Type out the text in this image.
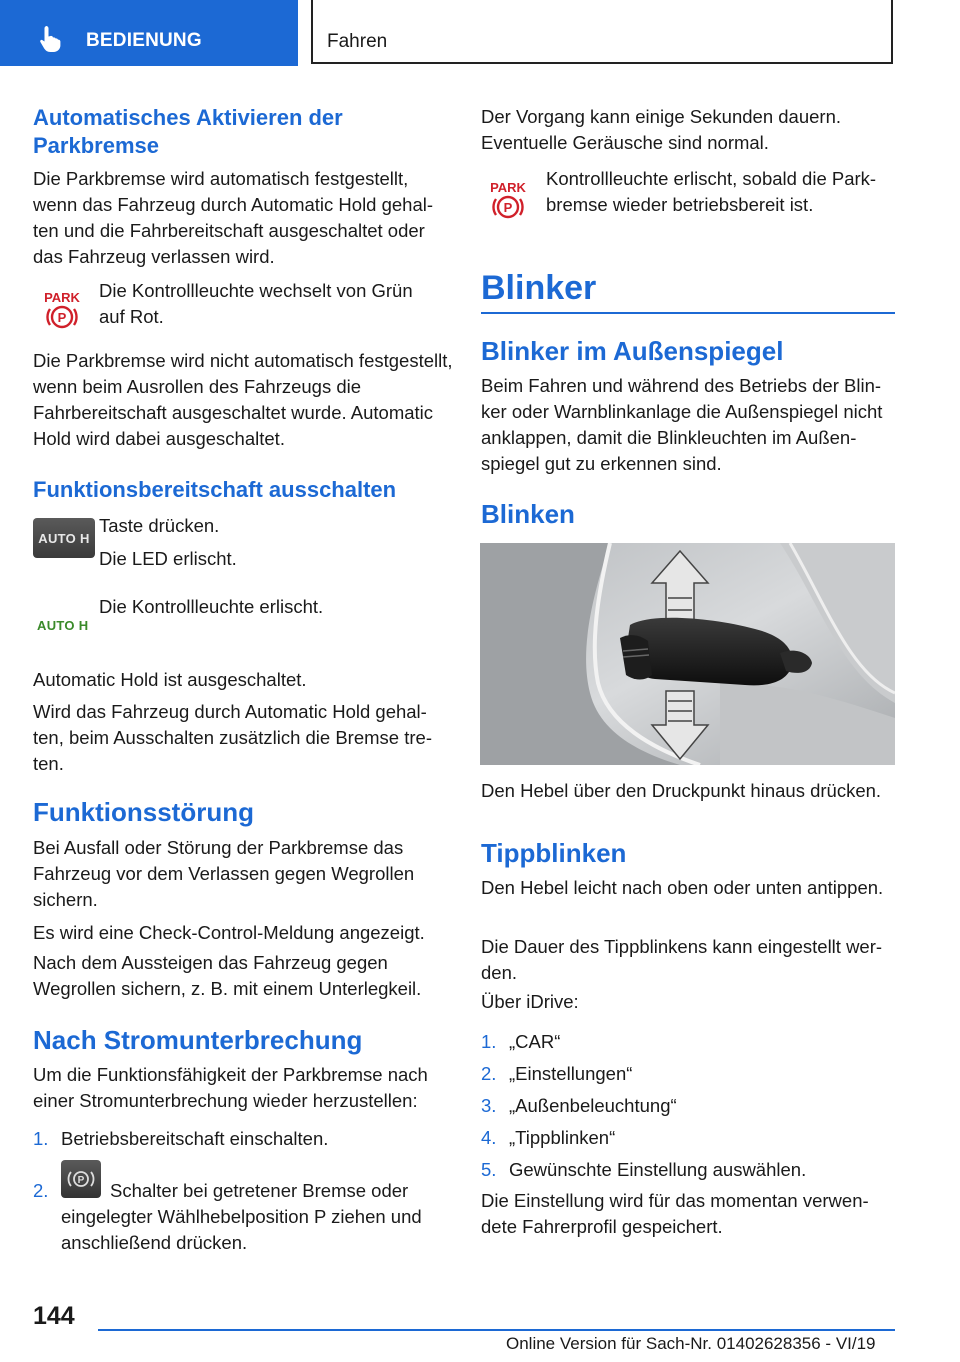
BEDIENUNG	Fahren
Automatisches Aktivieren der Parkbremse
Die Parkbremse wird automatisch festgestellt, wenn das Fahrzeug durch Automatic Hold gehalten und die Fahrbereitschaft ausgeschaltet oder das Fahrzeug verlassen wird.
PARK
P
Die Kontrollleuchte wechselt von Grün auf Rot.
Die Parkbremse wird nicht automatisch festgestellt, wenn beim Ausrollen des Fahrzeugs die Fahrbereitschaft ausgeschaltet wurde. Automatic Hold wird dabei ausgeschaltet.
Funktionsbereitschaft ausschalten
AUTO H
Taste drücken.
Die LED erlischt.
AUTO H
Die Kontrollleuchte erlischt.
Automatic Hold ist ausgeschaltet.
Wird das Fahrzeug durch Automatic Hold gehalten, beim Ausschalten zusätzlich die Bremse treten.
Funktionsstörung
Bei Ausfall oder Störung der Parkbremse das Fahrzeug vor dem Verlassen gegen Wegrollen sichern.
Es wird eine Check-Control-Meldung angezeigt.
Nach dem Aussteigen das Fahrzeug gegen Wegrollen sichern, z. B. mit einem Unterlegkeil.
Nach Stromunterbrechung
Um die Funktionsfähigkeit der Parkbremse nach einer Stromunterbrechung wieder herzustellen:
1. Betriebsbereitschaft einschalten.
2.	P	Schalter bei getretener Bremse oder eingelegter Wählhebelposition P ziehen und anschließend drücken.
Der Vorgang kann einige Sekunden dauern. Eventuelle Geräusche sind normal.
PARK
P
Kontrollleuchte erlischt, sobald die Parkbremse wieder betriebsbereit ist.
Blinker
Blinker im Außenspiegel
Beim Fahren und während des Betriebs der Blinker oder Warnblinkanlage die Außenspiegel nicht anklappen, damit die Blinkleuchten im Außenspiegel gut zu erkennen sind.
Blinken
Den Hebel über den Druckpunkt hinaus drücken.
Tippblinken
Den Hebel leicht nach oben oder unten antippen.
Die Dauer des Tippblinkens kann eingestellt werden.
Über iDrive:
1. „CAR“
2. „Einstellungen“
3. „Außenbeleuchtung“
4. „Tippblinken“
5. Gewünschte Einstellung auswählen.
Die Einstellung wird für das momentan verwendete Fahrerprofil gespeichert.
144
Online Version für Sach-Nr. 01402628356 - VI/19
